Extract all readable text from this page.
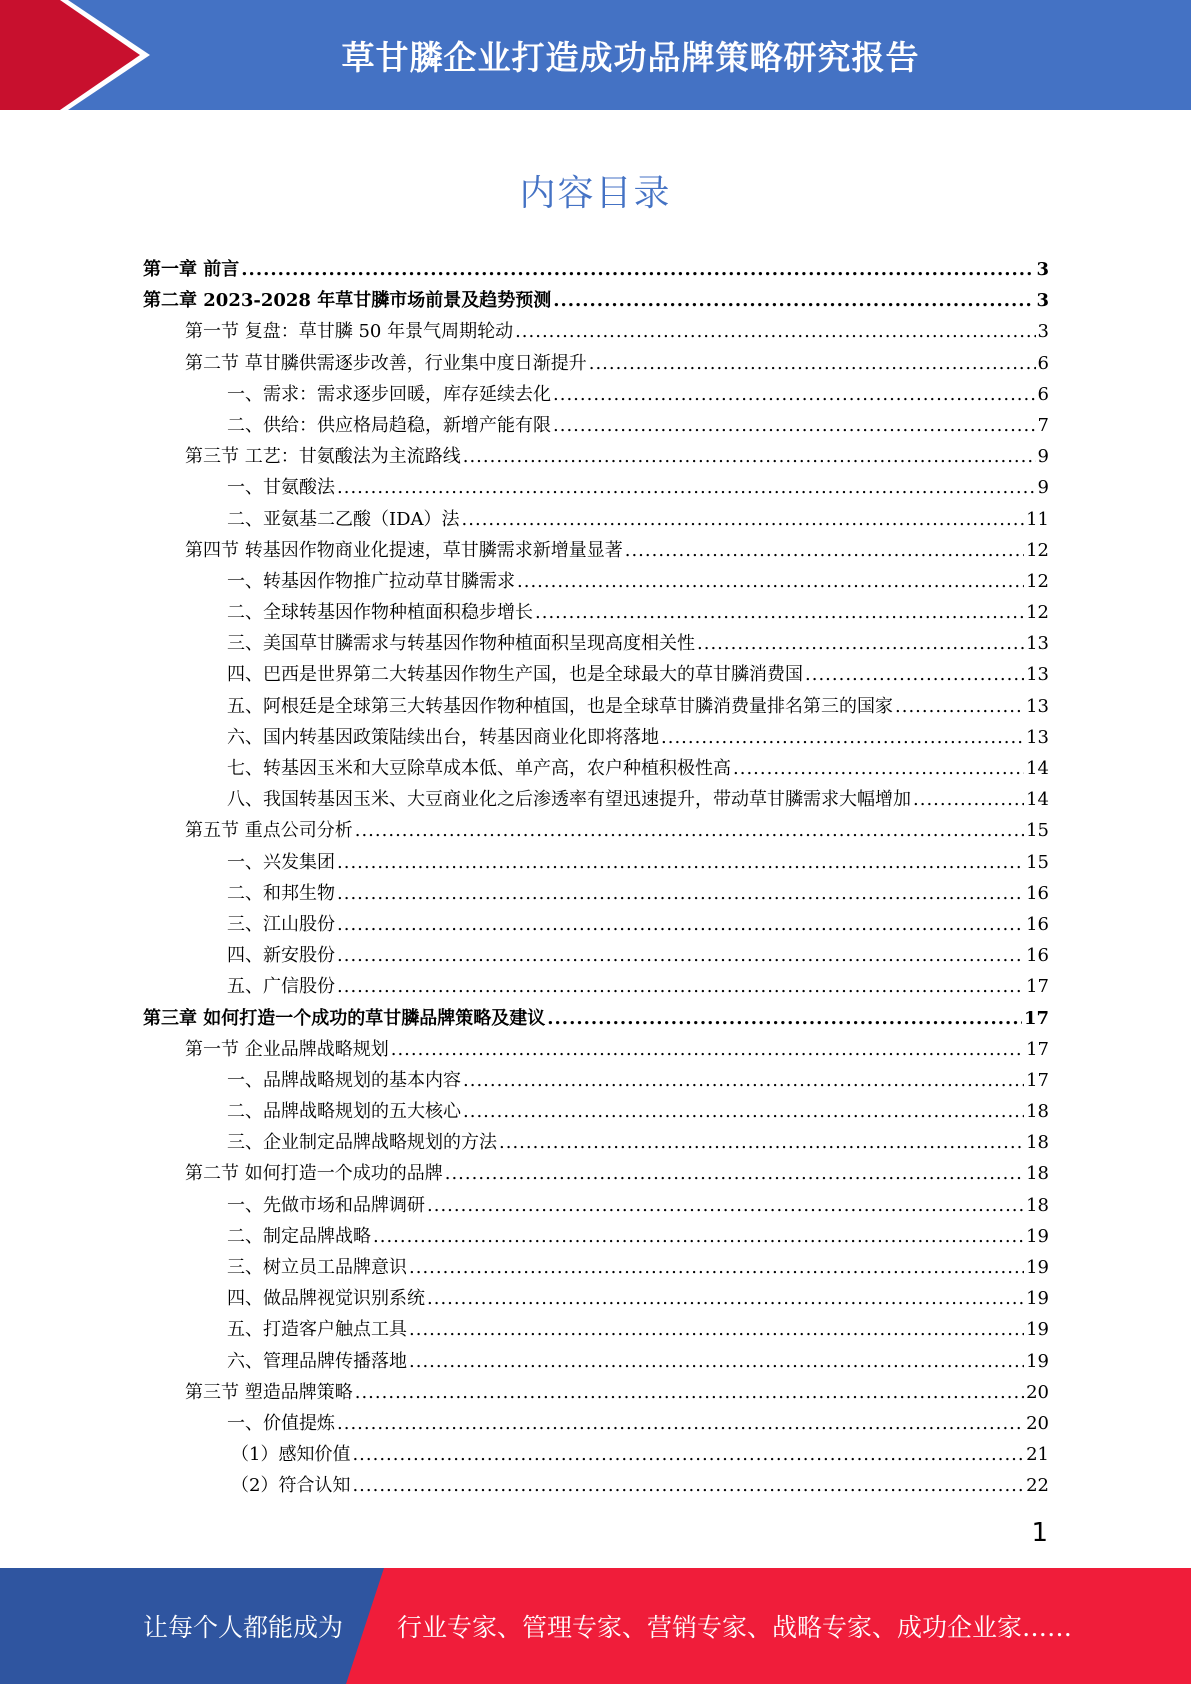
草甘膦企业打造成功品牌策略研究报告
内容目录
第一章 前言 .....	3
第二章 2023-2028 年草甘膦市场前景及趋势预测 .....	3
第一节 复盘：草甘膦 50 年景气周期轮动 .....	3
第二节 草甘膦供需逐步改善，行业集中度日渐提升 .....	6
一、需求：需求逐步回暖，库存延续去化 .....	6
二、供给：供应格局趋稳，新增产能有限 .....	7
第三节 工艺：甘氨酸法为主流路线 .....	9
一、甘氨酸法 .....	9
二、亚氨基二乙酸（IDA）法 .....	11
第四节 转基因作物商业化提速，草甘膦需求新增量显著 .....	12
一、转基因作物推广拉动草甘膦需求 .....	12
二、全球转基因作物种植面积稳步增长 .....	12
三、美国草甘膦需求与转基因作物种植面积呈现高度相关性 .....	13
四、巴西是世界第二大转基因作物生产国，也是全球最大的草甘膦消费国 .....	13
五、阿根廷是全球第三大转基因作物种植国，也是全球草甘膦消费量排名第三的国家 .....	13
六、国内转基因政策陆续出台，转基因商业化即将落地 .....	13
七、转基因玉米和大豆除草成本低、单产高，农户种植积极性高 .....	14
八、我国转基因玉米、大豆商业化之后渗透率有望迅速提升，带动草甘膦需求大幅增加 .....	14
第五节 重点公司分析 .....	15
一、兴发集团 .....	15
二、和邦生物 .....	16
三、江山股份 .....	16
四、新安股份 .....	16
五、广信股份 .....	17
第三章 如何打造一个成功的草甘膦品牌策略及建议 .....	17
第一节 企业品牌战略规划 .....	17
一、品牌战略规划的基本内容 .....	17
二、品牌战略规划的五大核心 .....	18
三、企业制定品牌战略规划的方法 .....	18
第二节 如何打造一个成功的品牌 .....	18
一、先做市场和品牌调研 .....	18
二、制定品牌战略 .....	19
三、树立员工品牌意识 .....	19
四、做品牌视觉识别系统 .....	19
五、打造客户触点工具 .....	19
六、管理品牌传播落地 .....	19
第三节 塑造品牌策略 .....	20
一、价值提炼 .....	20
（1）感知价值 .....	21
（2）符合认知 .....	22
1
让每个人都能成为 行业专家、管理专家、营销专家、战略专家、成功企业家……
